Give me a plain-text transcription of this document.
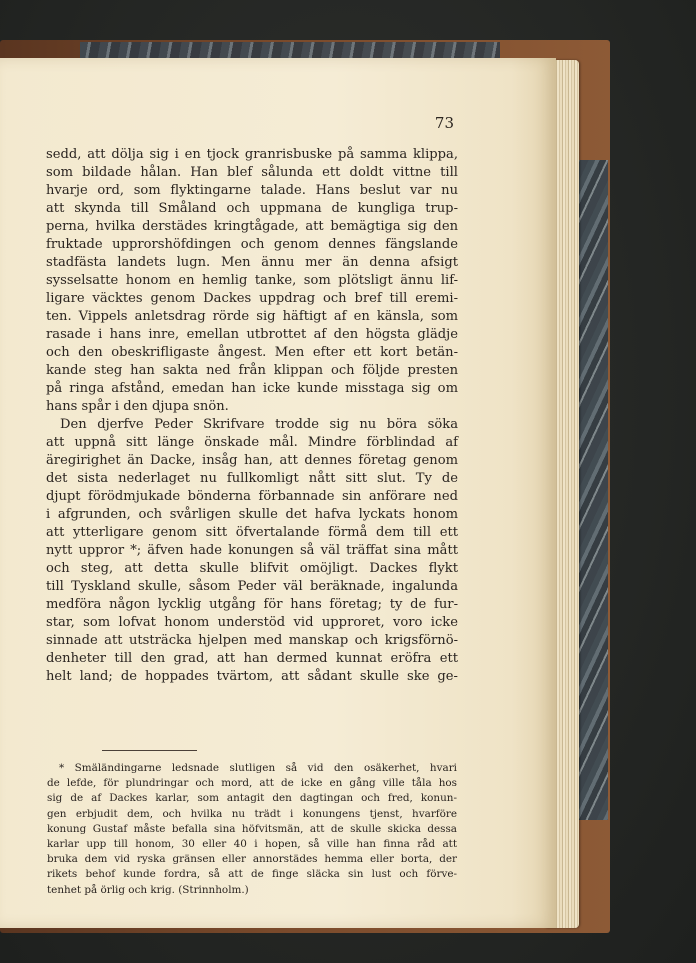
73
sedd, att dölja sig i en tjock granrisbuske på samma klippa,
som bildade hålan. Han blef sålunda ett doldt vittne till
hvarje ord, som flyktingarne talade. Hans beslut var nu
att skynda till Småland och uppmana de kungliga trup-
perna, hvilka derstädes kringtågade, att bemägtiga sig den
fruktade upprorshöfdingen och genom dennes fängslande
stadfästa landets lugn. Men ännu mer än denna afsigt
sysselsatte honom en hemlig tanke, som plötsligt ännu lif-
ligare väcktes genom Dackes uppdrag och bref till eremi-
ten. Vippels anletsdrag rörde sig häftigt af en känsla, som
rasade i hans inre, emellan utbrottet af den högsta glädje
och den obeskrifligaste ångest. Men efter ett kort betän-
kande steg han sakta ned från klippan och följde presten
på ringa afstånd, emedan han icke kunde misstaga sig om
hans spår i den djupa snön.
Den djerfve Peder Skrifvare trodde sig nu böra söka
att uppnå sitt länge önskade mål. Mindre förblindad af
äregirighet än Dacke, insåg han, att dennes företag genom
det sista nederlaget nu fullkomligt nått sitt slut. Ty de
djupt förödmjukade bönderna förbannade sin anförare ned
i afgrunden, och svårligen skulle det hafva lyckats honom
att ytterligare genom sitt öfvertalande förmå dem till ett
nytt uppror *; äfven hade konungen så väl träffat sina mått
och steg, att detta skulle blifvit omöjligt. Dackes flykt
till Tyskland skulle, såsom Peder väl beräknade, ingalunda
medföra någon lycklig utgång för hans företag; ty de fur-
star, som lofvat honom understöd vid upproret, voro icke
sinnade att utsträcka hjelpen med manskap och krigsförnö-
denheter till den grad, att han dermed kunnat eröfra ett
helt land; de hoppades tvärtom, att sådant skulle ske ge-
* Smäländingarne ledsnade slutligen så vid den osäkerhet, hvari
de lefde, för plundringar och mord, att de icke en gång ville tåla hos
sig de af Dackes karlar, som antagit den dagtingan och fred, konun-
gen erbjudit dem, och hvilka nu trädt i konungens tjenst, hvarföre
konung Gustaf måste befalla sina höfvitsmän, att de skulle skicka dessa
karlar upp till honom, 30 eller 40 i hopen, så ville han finna råd att
bruka dem vid ryska gränsen eller annorstädes hemma eller borta, der
rikets behof kunde fordra, så att de finge släcka sin lust och förve-
tenhet på örlig och krig. (Strinnholm.)
